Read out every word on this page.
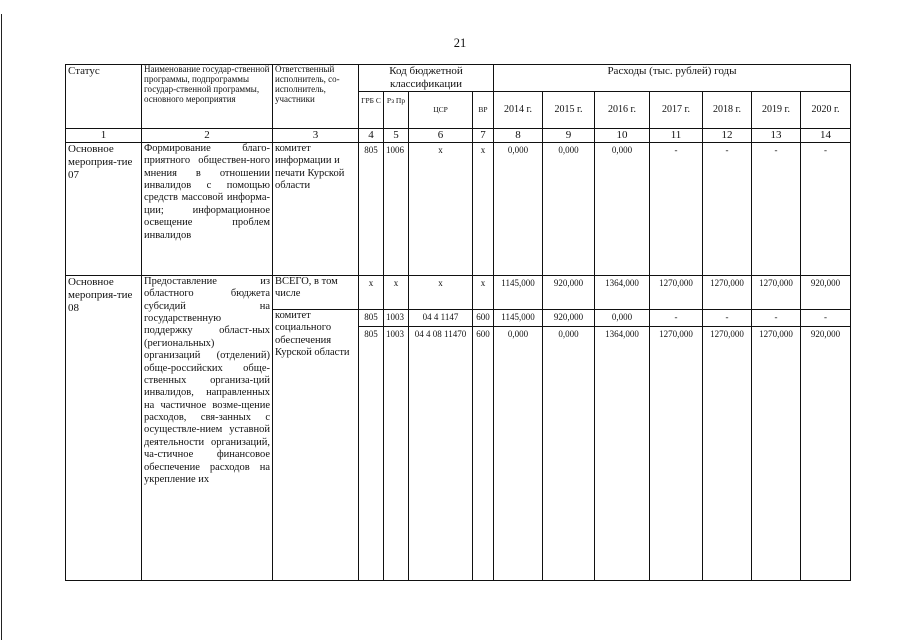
21
Статус	Наименование государ-ственной программы, подпрограммы государ-ственной программы, основного мероприятия	Ответственный исполнитель, со-исполнитель, участники	Код бюджетной классификации				Расходы (тыс. рублей) годы						
			ГРБ С	Рз Пр	ЦСР	ВР	2014 г.	2015 г.	2016 г.	2017 г.	2018 г.	2019 г.	2020 г.
1	2	3	4	5	6	7	8	9	10	11	12	13	14
Основное мероприя-тие 07	Формирование благо-приятного обществен-ного мнения в отношении инвалидов с помощью средств массовой информа-ции; информационное освещение проблем инвалидов	комитет информации и печати Курской области	805	1006	х	х	0,000	0,000	0,000	-	-	-	-
Основное мероприя-тие 08	Предоставление из областного бюджета субсидий на государственную поддержку област-ных (региональных) организаций (отделений) обще-российских обще-ственных организа-ций инвалидов, направленных на частичное возме-щение расходов, свя-занных с осуществле-нием уставной деятельности организаций, ча-стичное финансовое обеспечение расходов на укрепление их	ВСЕГО, в том числе	х	х	х	х	1145,000	920,000	1364,000	1270,000	1270,000	1270,000	920,000
		комитет социального обеспечения Курской области	805	1003	04 4 1147	600	1145,000	920,000	0,000	-	-	-	-
			805	1003	04 4 08 11470	600	0,000	0,000	1364,000	1270,000	1270,000	1270,000	920,000
